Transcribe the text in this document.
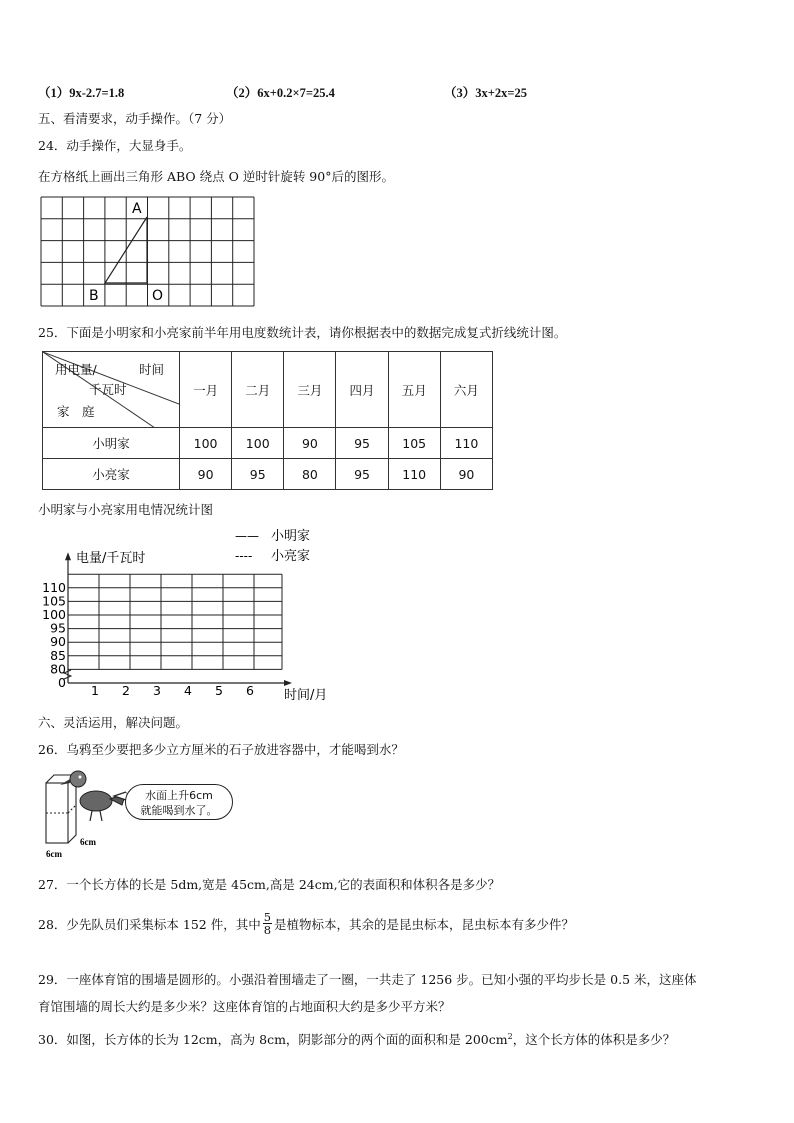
（1）9x-2.7=1.8	（2）6x+0.2×7=25.4	（3）3x+2x=25
五、看清要求，动手操作。（7 分）
24．动手操作，大显身手。
在方格纸上画出三角形 ABO 绕点 O 逆时针旋转 90°后的图形。
A
B	O
25．下面是小明家和小亮家前半年用电度数统计表，请你根据表中的数据完成复式折线统计图。
时间
用电量/
千瓦时
家　庭	一月	二月	三月	四月	五月	六月
小明家	100	100	90	95	105	110
小亮家	90	95	80	95	110	90
小明家与小亮家用电情况统计图
0
80
85
90
95
100
105
110
1 2 3 4 5 6
电量/千瓦时
时间/月
—— 小明家
---- 小亮家
六、灵活运用，解决问题。
26．乌鸦至少要把多少立方厘米的石子放进容器中，才能喝到水？
6cm
6cm
水面上升6cm
就能喝到水了。
27．一个长方体的长是 5dm,宽是 45cm,高是 24cm,它的表面积和体积各是多少？
28．少先队员们采集标本 152 件，其中 $\frac{5}{8}$ 是植物标本，其余的是昆虫标本，昆虫标本有多少件？
29．一座体育馆的围墙是圆形的。小强沿着围墙走了一圈，一共走了 1256 步。已知小强的平均步长是 0.5 米，这座体
育馆围墙的周长大约是多少米？这座体育馆的占地面积大约是多少平方米？
30．如图，长方体的长为 12cm，高为 8cm，阴影部分的两个面的面积和是 $200cm^2$，这个长方体的体积是多少？
